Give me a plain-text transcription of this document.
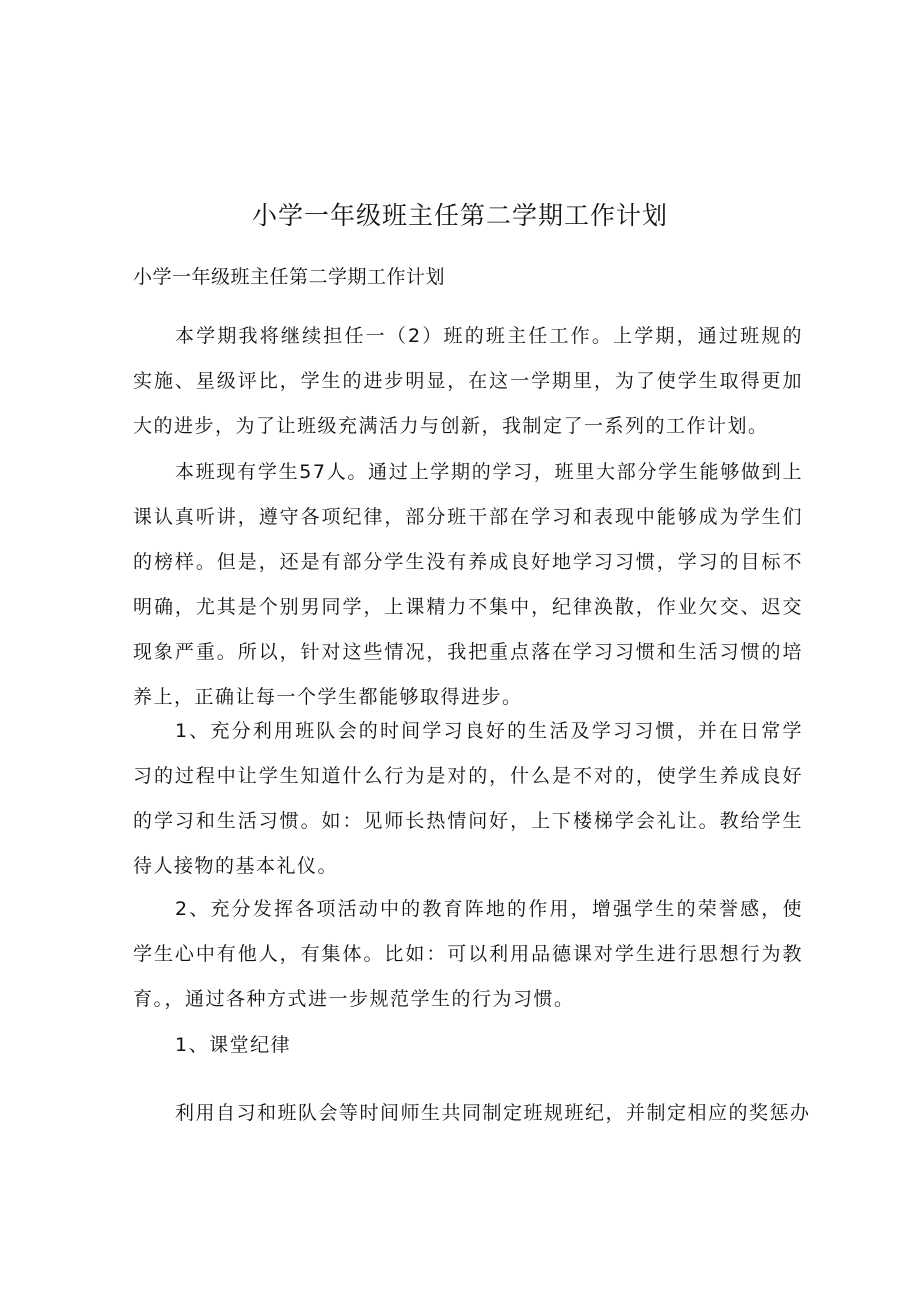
小学一年级班主任第二学期工作计划

小学一年级班主任第二学期工作计划

本学期我将继续担任一（2）班的班主任工作。上学期，通过班规的实施、星级评比，学生的进步明显，在这一学期里，为了使学生取得更加大的进步，为了让班级充满活力与创新，我制定了一系列的工作计划。

本班现有学生57人。通过上学期的学习，班里大部分学生能够做到上课认真听讲，遵守各项纪律，部分班干部在学习和表现中能够成为学生们的榜样。但是，还是有部分学生没有养成良好地学习习惯，学习的目标不明确，尤其是个别男同学，上课精力不集中，纪律涣散，作业欠交、迟交现象严重。所以，针对这些情况，我把重点落在学习习惯和生活习惯的培养上，正确让每一个学生都能够取得进步。

1、充分利用班队会的时间学习良好的生活及学习习惯，并在日常学习的过程中让学生知道什么行为是对的，什么是不对的，使学生养成良好的学习和生活习惯。如：见师长热情问好，上下楼梯学会礼让。教给学生待人接物的基本礼仪。

2、充分发挥各项活动中的教育阵地的作用，增强学生的荣誉感，使学生心中有他人，有集体。比如：可以利用品德课对学生进行思想行为教育。，通过各种方式进一步规范学生的行为习惯。

1、课堂纪律

利用自习和班队会等时间师生共同制定班规班纪，并制定相应的奖惩办
